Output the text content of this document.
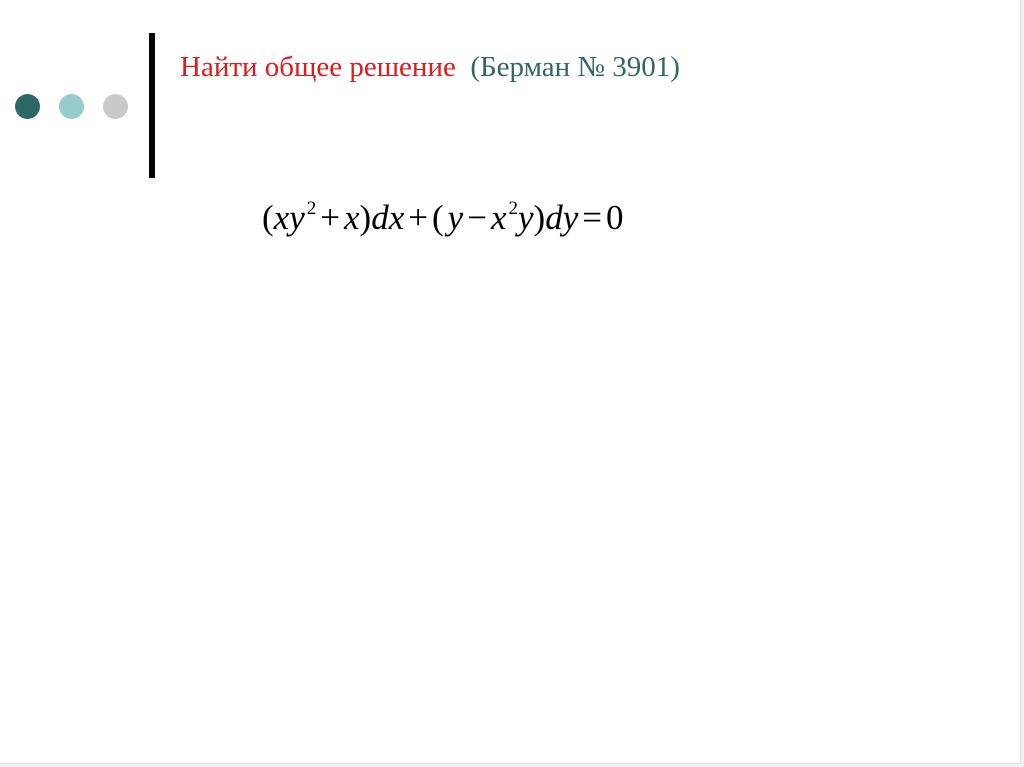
Найти общее решение (Берман № 3901)
(xy $^2$ + x)dx + ( y − x $^2$y)dy = 0
